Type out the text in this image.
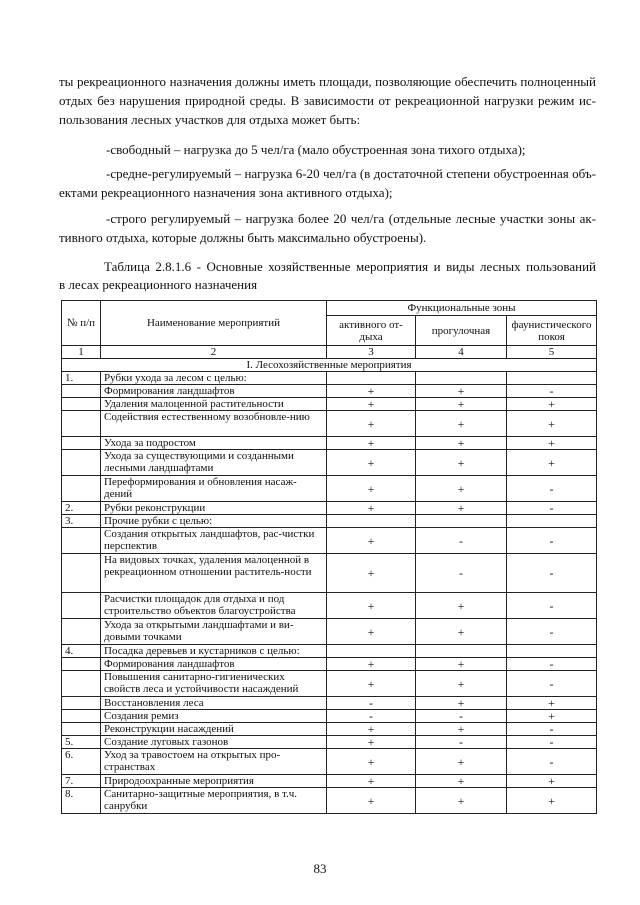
ты рекреационного назначения должны иметь площади, позволяющие обеспечить полноценный
отдых без нарушения природной среды. В зависимости от рекреационной нагрузки режим ис-
пользования лесных участков для отдыха может быть:
-свободный – нагрузка до 5 чел/га (мало обустроенная зона тихого отдыха);
-средне-регулируемый – нагрузка 6-20 чел/га (в достаточной степени обустроенная объ-
ектами рекреационного назначения зона активного отдыха);
-строго регулируемый – нагрузка более 20 чел/га (отдельные лесные участки зоны ак-
тивного отдыха, которые должны быть максимально обустроены).
Таблица 2.8.1.6 - Основные хозяйственные мероприятия и виды лесных пользований
в лесах рекреационного назначения
№ п/п	Наименование мероприятий	Функциональные зоны		
		активного от-дыха	прогулочная	фаунистического покоя
1	2	3	4	5
I. Лесохозяйственные мероприятия				
1.	Рубки ухода за лесом с целью:			
	Формирования ландшафтов	+	+	-
	Удаления малоценной растительности	+	+	+
	Содействия естественному возобновле-нию	+	+	+
	Ухода за подростом	+	+	+
	Ухода за существующими и созданными лесными ландшафтами	+	+	+
	Переформирования и обновления насаж-дений	+	+	-
2.	Рубки реконструкции	+	+	-
3.	Прочие рубки с целью:			
	Создания открытых ландшафтов, рас-чистки перспектив	+	-	-
	На видовых точках, удаления малоценной в рекреационном отношении раститель-ности	+	-	-
	Расчистки площадок для отдыха и под строительство объектов благоустройства	+	+	-
	Ухода за открытыми ландшафтами и ви-довыми точками	+	+	-
4.	Посадка деревьев и кустарников с целью:			
	Формирования ландшафтов	+	+	-
	Повышения санитарно-гигиенических свойств леса и устойчивости насаждений	+	+	-
	Восстановления леса	-	+	+
	Создания ремиз	-	-	+
	Реконструкции насаждений	+	+	-
5.	Создание луговых газонов	+	-	-
6.	Уход за травостоем на открытых про-странствах	+	+	-
7.	Природоохранные мероприятия	+	+	+
8.	Санитарно-защитные мероприятия, в т.ч. санрубки	+	+	+
83
